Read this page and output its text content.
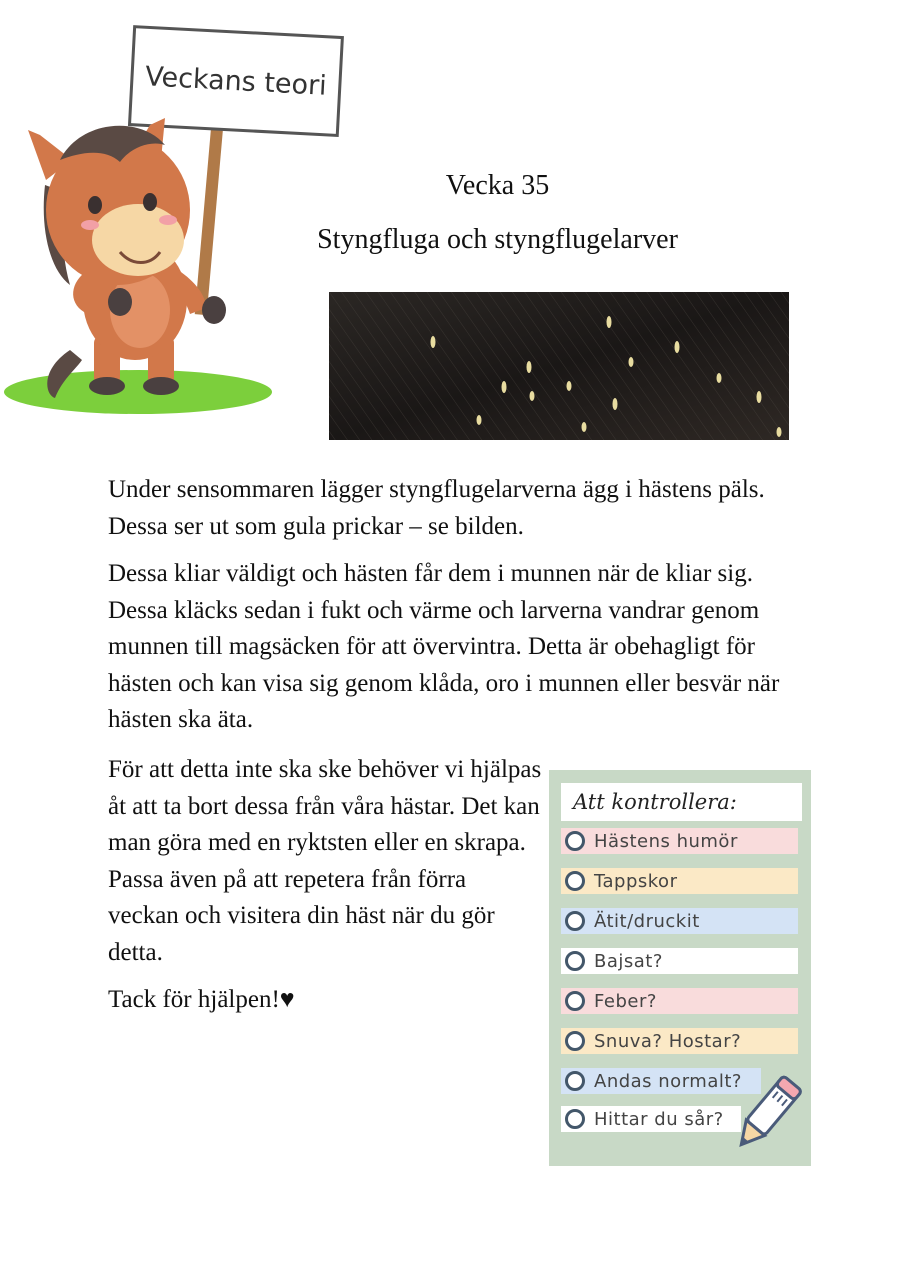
Veckans teori
Vecka 35
Styngfluga och styngflugelarver

Under sensommaren lägger styngflugelarverna ägg i hästens päls. Dessa ser ut som gula prickar – se bilden.

Dessa kliar väldigt och hästen får dem i munnen när de kliar sig. Dessa kläcks sedan i fukt och värme och larverna vandrar genom munnen till magsäcken för att övervintra. Detta är obehagligt för hästen och kan visa sig genom klåda, oro i munnen eller besvär när hästen ska äta.

För att detta inte ska ske behöver vi hjälpas åt att ta bort dessa från våra hästar. Det kan man göra med en ryktsten eller en skrapa. Passa även på att repetera från förra veckan och visitera din häst när du gör detta.

Tack för hjälpen!♥

Att kontrollera:
Hästens humör
Tappskor
Ätit/druckit
Bajsat?
Feber?
Snuva? Hostar?
Andas normalt?
Hittar du sår?
